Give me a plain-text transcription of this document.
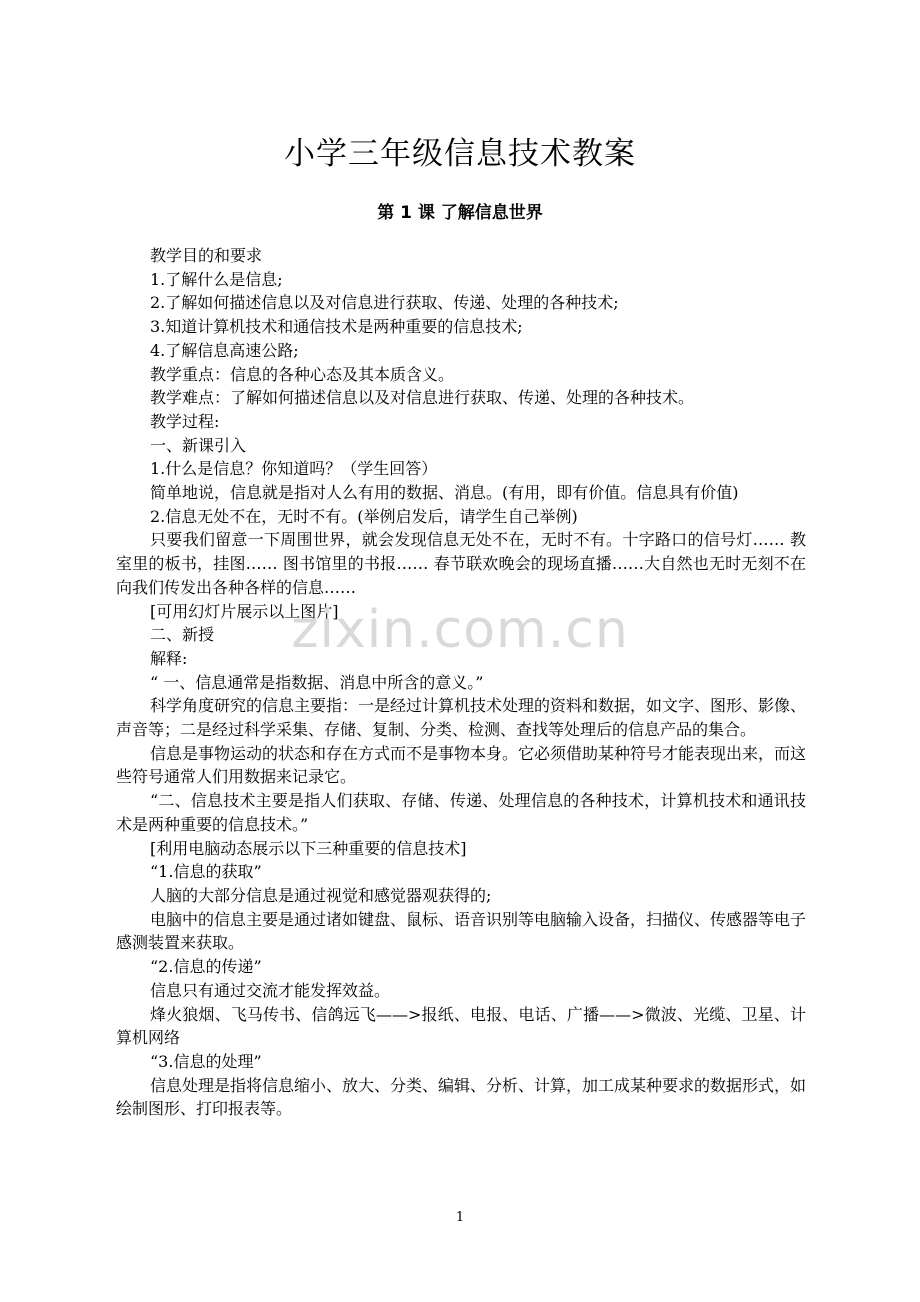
小学三年级信息技术教案
第 1 课 了解信息世界

教学目的和要求

1.了解什么是信息;

2.了解如何描述信息以及对信息进行获取、传递、处理的各种技术;

3.知道计算机技术和通信技术是两种重要的信息技术;

4.了解信息高速公路;

教学重点：信息的各种心态及其本质含义。

教学难点：了解如何描述信息以及对信息进行获取、传递、处理的各种技术。

教学过程:

一、新课引入

1.什么是信息？你知道吗？（学生回答）

简单地说，信息就是指对人么有用的数据、消息。(有用，即有价值。信息具有价值)

2.信息无处不在，无时不有。(举例启发后，请学生自己举例)

只要我们留意一下周围世界，就会发现信息无处不在，无时不有。十字路口的信号灯…… 教室里的板书，挂图…… 图书馆里的书报…… 春节联欢晚会的现场直播……大自然也无时无刻不在向我们传发出各种各样的信息……

[可用幻灯片展示以上图片]

二、新授

解释:

“ 一、信息通常是指数据、消息中所含的意义。”

科学角度研究的信息主要指：一是经过计算机技术处理的资料和数据，如文字、图形、影像、声音等；二是经过科学采集、存储、复制、分类、检测、查找等处理后的信息产品的集合。

信息是事物运动的状态和存在方式而不是事物本身。它必须借助某种符号才能表现出来，而这些符号通常人们用数据来记录它。

“二、信息技术主要是指人们获取、存储、传递、处理信息的各种技术，计算机技术和通讯技术是两种重要的信息技术。”

[利用电脑动态展示以下三种重要的信息技术]

“1.信息的获取”

人脑的大部分信息是通过视觉和感觉器观获得的;

电脑中的信息主要是通过诸如键盘、鼠标、语音识别等电脑输入设备，扫描仪、传感器等电子感测装置来获取。

“2.信息的传递”

信息只有通过交流才能发挥效益。

烽火狼烟、飞马传书、信鸽远飞——>报纸、电报、电话、广播——>微波、光缆、卫星、计算机网络

“3.信息的处理”

信息处理是指将信息缩小、放大、分类、编辑、分析、计算，加工成某种要求的数据形式，如绘制图形、打印报表等。

zixin.com.cn
1
